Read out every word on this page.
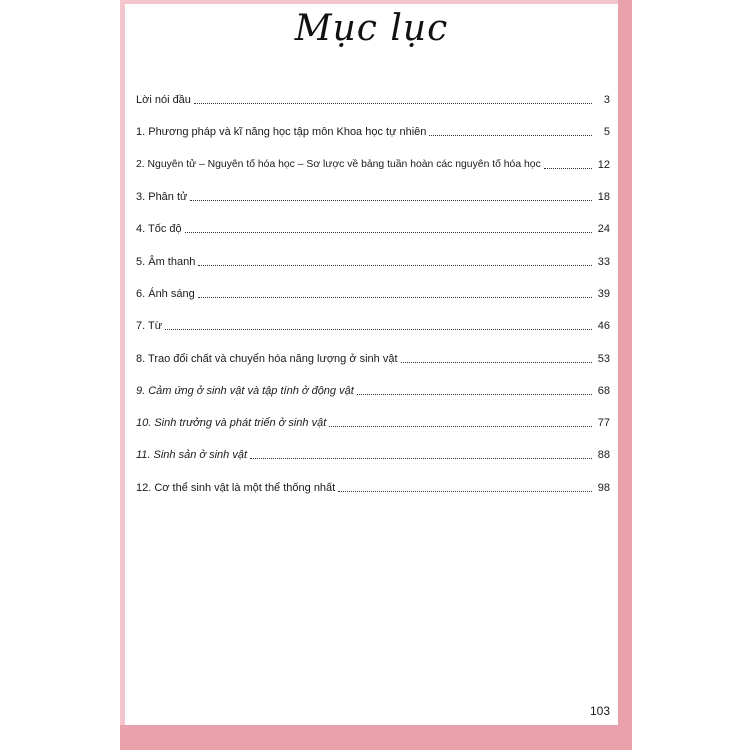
Mục lục
Lời nói đầu	3
1. Phương pháp và kĩ năng học tập môn Khoa học tự nhiên	5
2. Nguyên tử – Nguyên tố hóa học – Sơ lược về bảng tuần hoàn các nguyên tố hóa học	12
3. Phân tử	18
4. Tốc độ	24
5. Âm thanh	33
6. Ánh sáng	39
7. Từ	46
8. Trao đổi chất và chuyển hóa năng lượng ở sinh vật	53
9. Cảm ứng ở sinh vật và tập tính ở động vật	68
10. Sinh trưởng và phát triển ở sinh vật	77
11. Sinh sản ở sinh vật	88
12. Cơ thể sinh vật là một thể thống nhất	98
103
